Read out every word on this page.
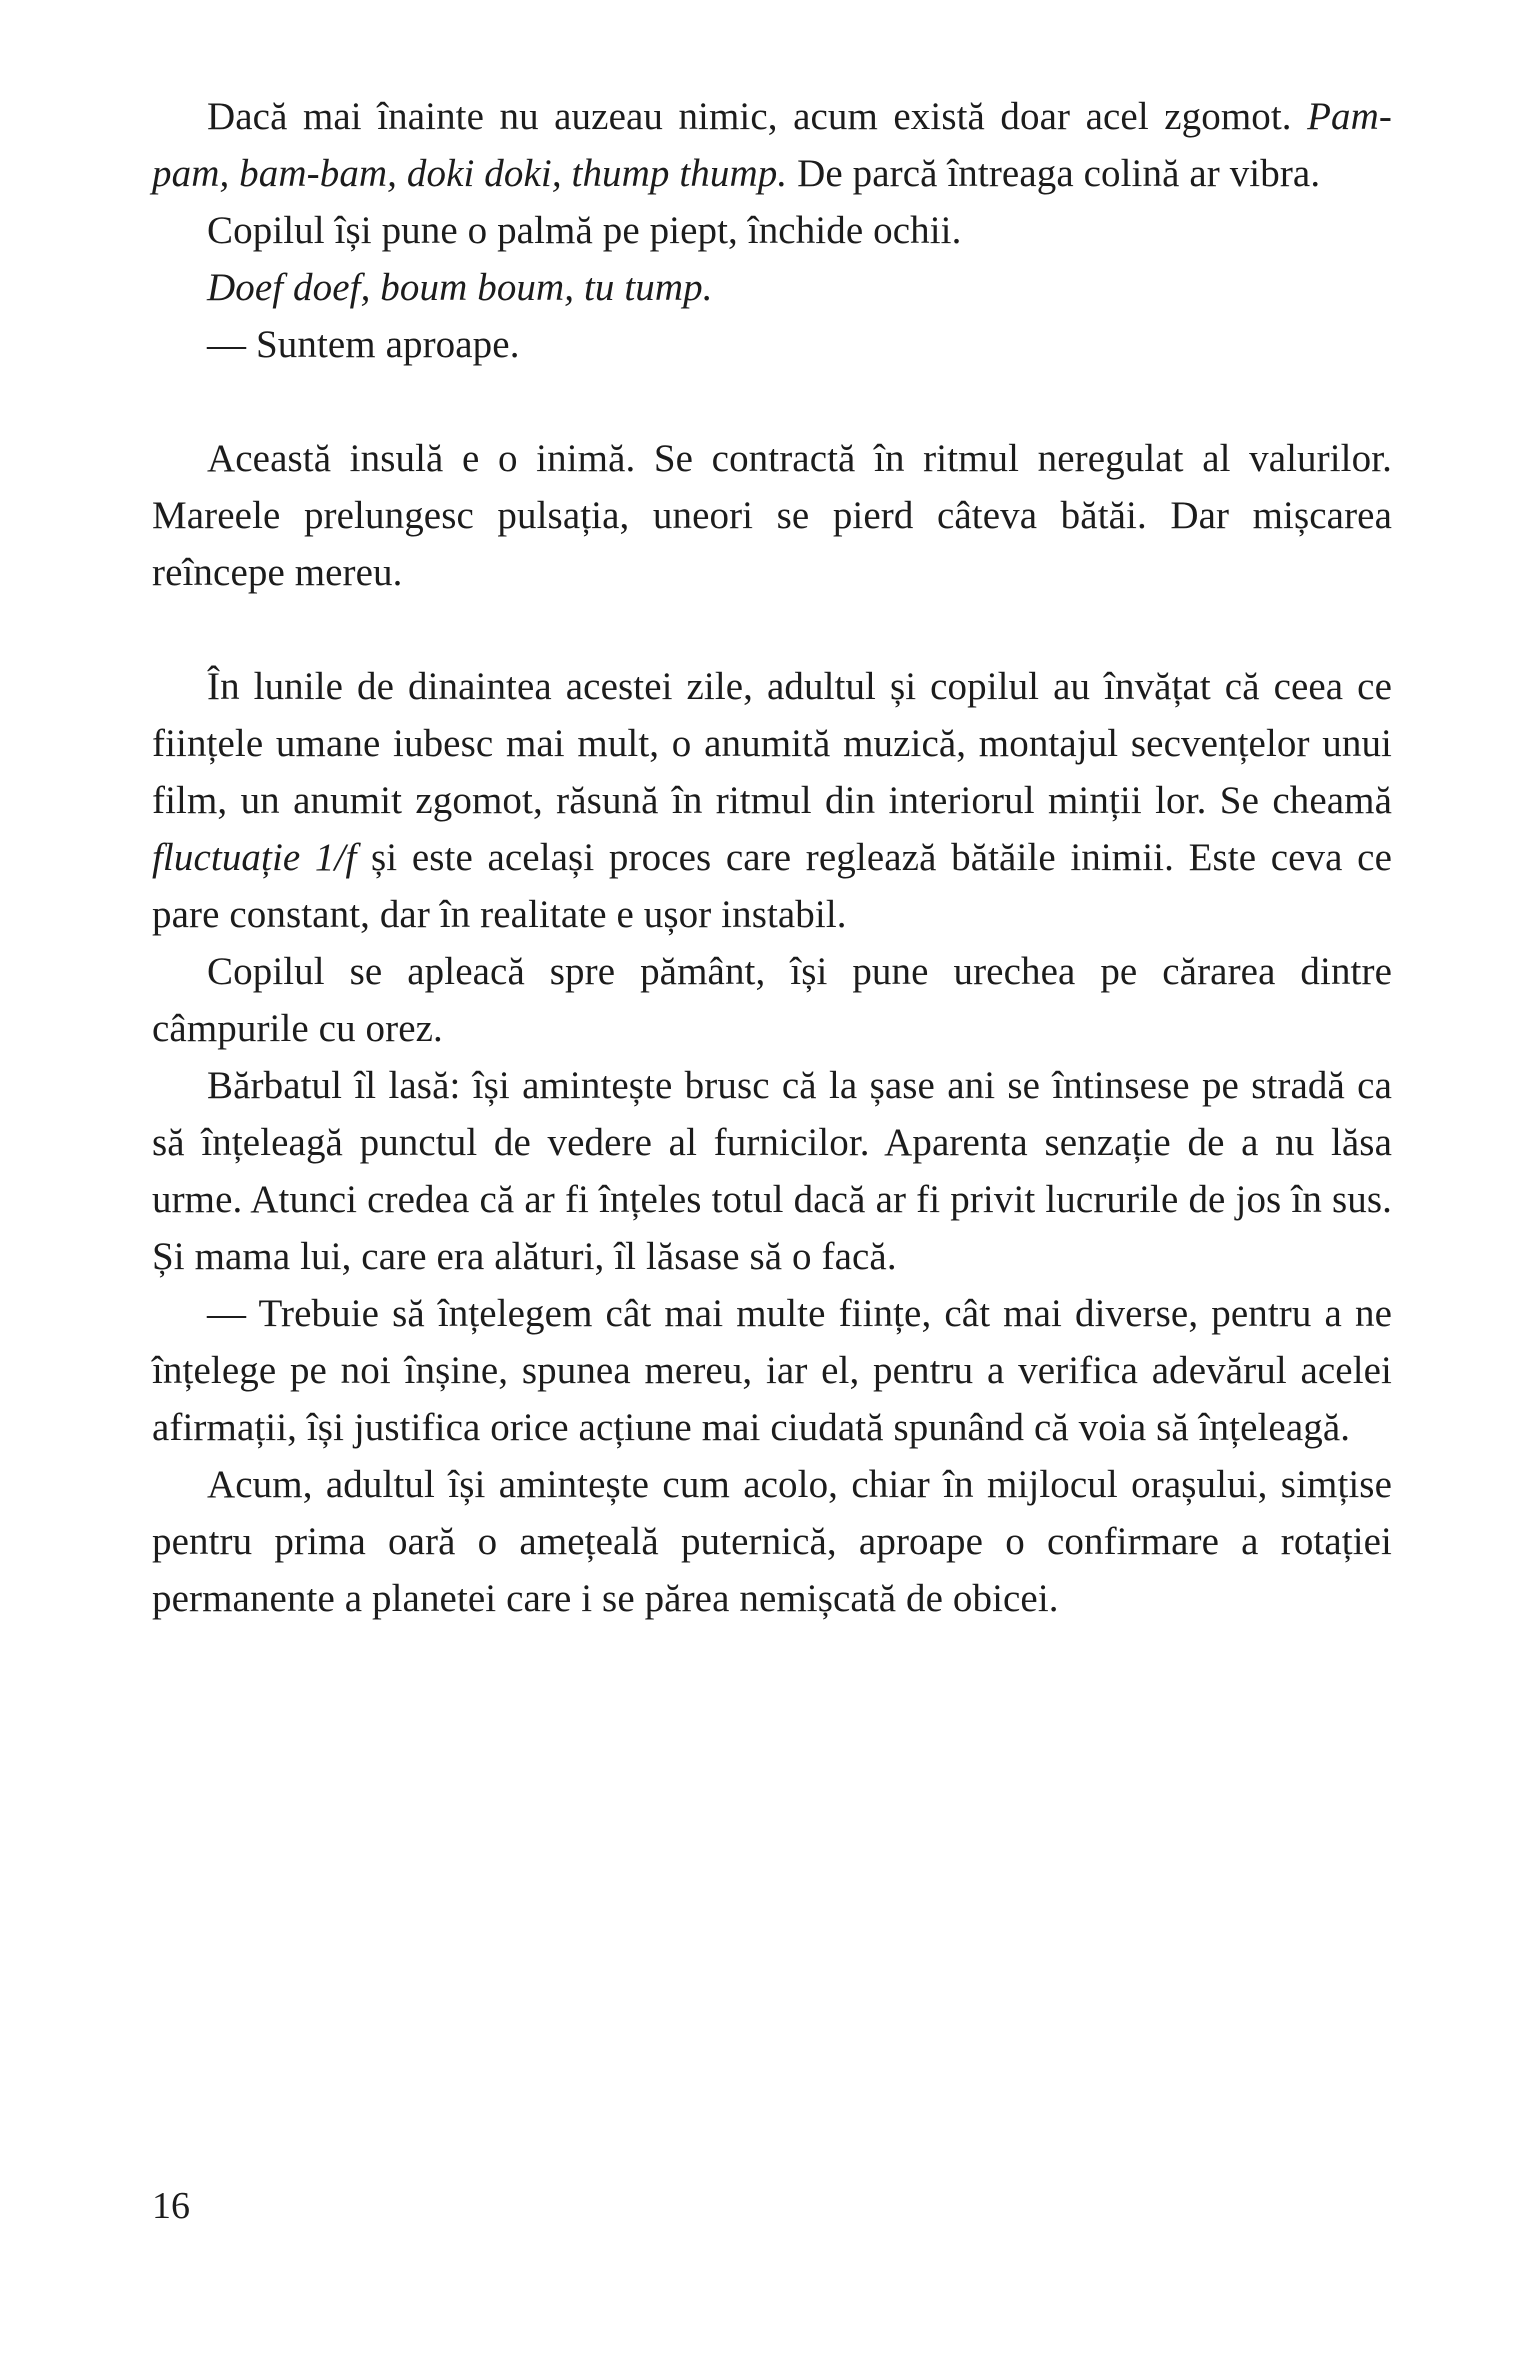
Dacă mai înainte nu auzeau nimic, acum există doar acel zgomot. Pam-pam, bam-bam, doki doki, thump thump. De parcă întreaga colină ar vibra.

Copilul își pune o palmă pe piept, închide ochii.

Doef doef, boum boum, tu tump.

— Suntem aproape.

Această insulă e o inimă. Se contractă în ritmul neregulat al valurilor. Mareele prelungesc pulsația, uneori se pierd câteva bătăi. Dar mișcarea reîncepe mereu.

În lunile de dinaintea acestei zile, adultul și copilul au învățat că ceea ce ființele umane iubesc mai mult, o anumită muzică, montajul secvențelor unui film, un anumit zgomot, răsună în ritmul din interiorul minții lor. Se cheamă fluctuație 1/f și este același proces care reglează bătăile inimii. Este ceva ce pare constant, dar în realitate e ușor instabil.

Copilul se apleacă spre pământ, își pune urechea pe cărarea dintre câmpurile cu orez.

Bărbatul îl lasă: își amintește brusc că la șase ani se întinsese pe stradă ca să înțeleagă punctul de vedere al furnicilor. Aparenta senzație de a nu lăsa urme. Atunci credea că ar fi înțeles totul dacă ar fi privit lucrurile de jos în sus. Și mama lui, care era alături, îl lăsase să o facă.

— Trebuie să înțelegem cât mai multe ființe, cât mai diverse, pentru a ne înțelege pe noi înșine, spunea mereu, iar el, pentru a verifica adevărul acelei afirmații, își justifica orice acțiune mai ciudată spunând că voia să înțeleagă.

Acum, adultul își amintește cum acolo, chiar în mijlocul orașului, simțise pentru prima oară o amețeală puternică, aproape o confirmare a rotației permanente a planetei care i se părea nemișcată de obicei.

16
